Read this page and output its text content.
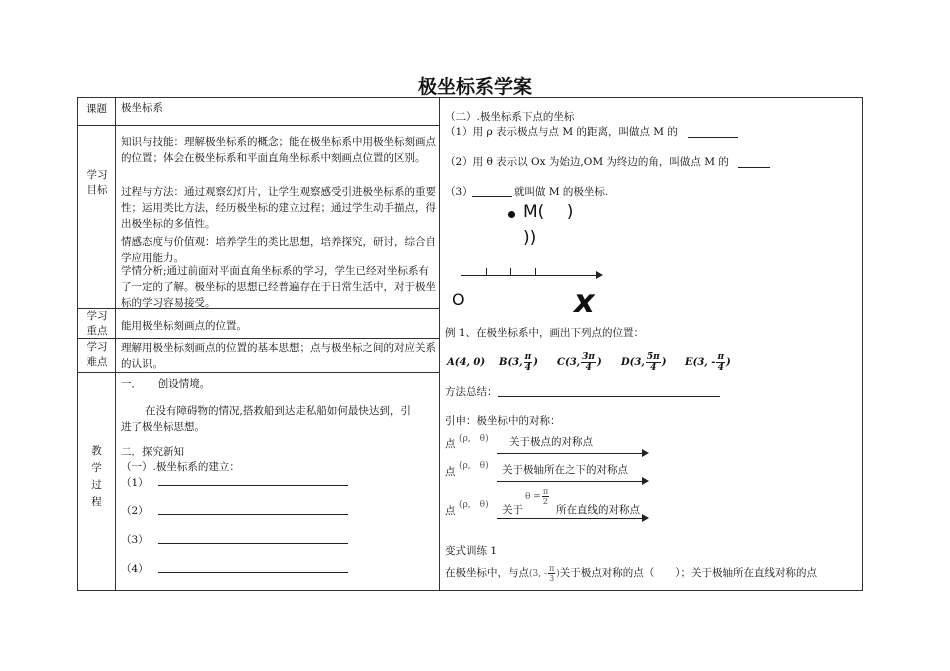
极坐标系学案
课题
学习目标
学习重点
学习难点
教学过程
极坐标系
知识与技能：理解极坐标系的概念；能在极坐标系中用极坐标刻画点的位置；体会在极坐标系和平面直角坐标系中刻画点位置的区别。
过程与方法：通过观察幻灯片，让学生观察感受引进极坐标系的重要性；运用类比方法，经历极坐标的建立过程；通过学生动手描点，得出极坐标的多值性。
情感态度与价值观：培养学生的类比思想，培养探究，研讨，综合自学应用能力。
学情分析;通过前面对平面直角坐标系的学习，学生已经对坐标系有了一定的了解。极坐标的思想已经普遍存在于日常生活中，对于极坐标的学习容易接受。
能用极坐标刻画点的位置。
理解用极坐标刻画点的位置的基本思想；点与极坐标之间的对应关系的认识。
一．　　创设情境。
在没有障碍物的情况,搭救船到达走私船如何最快达到，引进了极坐标思想。
二．探究新知
（一）.极坐标系的建立：
（1）
（2）
（3）
（4）
（二）.极坐标系下点的坐标
（1）用 ρ 表示极点与点 M 的距离，叫做点 M 的
（2）用 θ 表示以 Ox 为始边,OM 为终边的角，叫做点 M 的
（3）	就叫做 M 的极坐标.
M(　 )
))
O	x
例 1、在极坐标系中，画出下列点的位置：
A(4, 0) B(3, $\frac{\pi}{4}$ ) C(3, $\frac{3\pi}{4}$ ) D(3, $\frac{5\pi}{4}$ ) E(3, - $\frac{\pi}{4}$ )
方法总结：
引申：极坐标中的对称：
点 (ρ,　θ) 关于极点的对称点
点 (ρ,　θ) 关于极轴所在之下的对称点
点 (ρ,　θ) 关于
$\theta = \frac{\pi}{2}$
所在直线的对称点
变式训练 1
在极坐标中，与点(3, - $\frac{\pi}{3}$ )关于极点对称的点（　　）；关于极轴所在直线对称的点
